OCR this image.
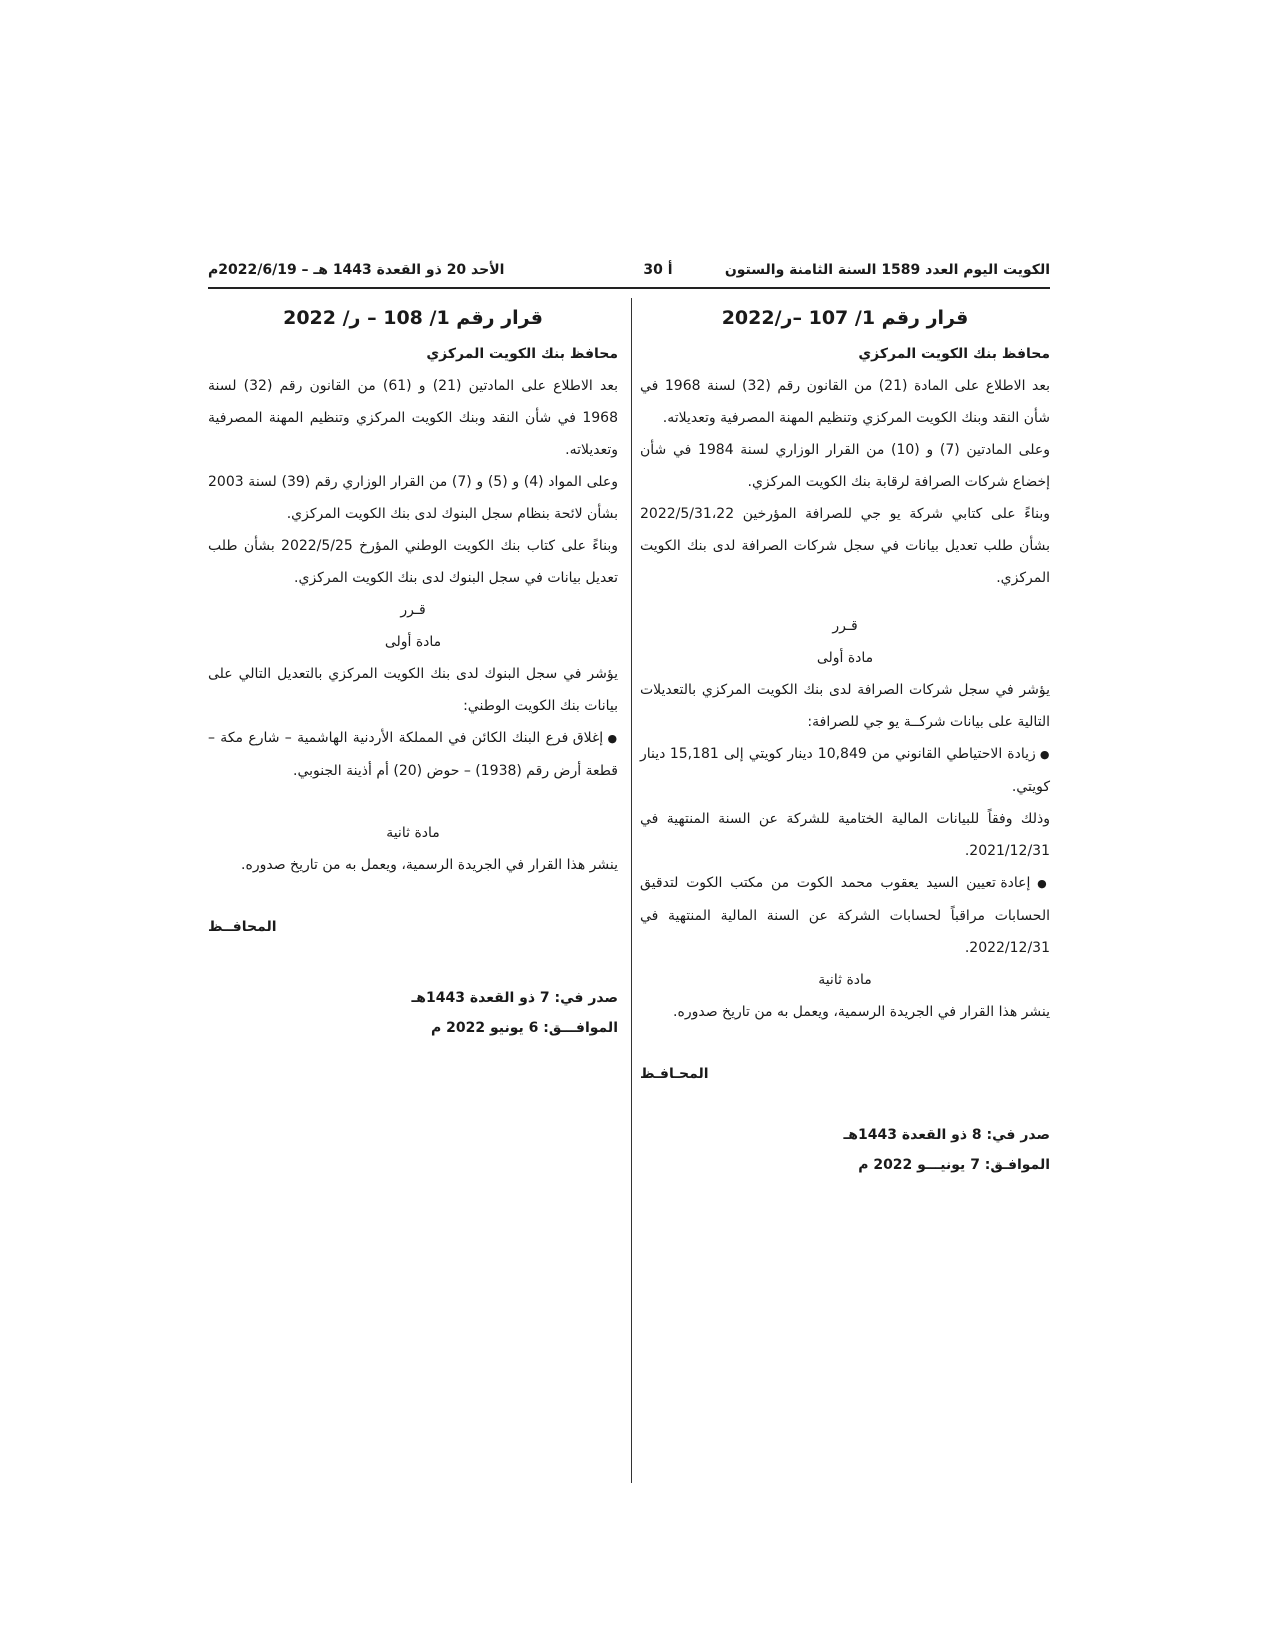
الكويت اليوم العدد 1589 السنة الثامنة والستون
أ 30
الأحد 20 ذو القعدة 1443 هـ – 2022/6/19م
قرار رقم 1/ 107 –ر/2022

محافظ بنك الكويت المركزي

بعد الاطلاع على المادة (21) من القانون رقم (32) لسنة 1968 في شأن النقد وبنك الكويت المركزي وتنظيم المهنة المصرفية وتعديلاته.

وعلى المادتين (7) و (10) من القرار الوزاري لسنة 1984 في شأن إخضاع شركات الصرافة لرقابة بنك الكويت المركزي.

وبناءً على كتابي شركة يو جي للصرافة المؤرخين 2022/5/31،22 بشأن طلب تعديل بيانات في سجل شركات الصرافة لدى بنك الكويت المركزي.

قـرر

مادة أولى

يؤشر في سجل شركات الصرافة لدى بنك الكويت المركزي بالتعديلات التالية على بيانات شركــة يو جي للصرافة:

● زيادة الاحتياطي القانوني من 10,849 دينار كويتي إلى 15,181 دينار كويتي.

وذلك وفقاً للبيانات المالية الختامية للشركة عن السنة المنتهية في 2021/12/31.

● إعادة تعيين السيد يعقوب محمد الكوت من مكتب الكوت لتدقيق الحسابات مراقباً لحسابات الشركة عن السنة المالية المنتهية في 2022/12/31.

مادة ثانية

ينشر هذا القرار في الجريدة الرسمية، ويعمل به من تاريخ صدوره.

المحـافـظ

صدر في: 8 ذو القعدة 1443هـ
الموافـق: 7 يونيـــو 2022 م
قرار رقم 1/ 108 – ر/ 2022

محافظ بنك الكويت المركزي

بعد الاطلاع على المادتين (21) و (61) من القانون رقم (32) لسنة 1968 في شأن النقد وبنك الكويت المركزي وتنظيم المهنة المصرفية وتعديلاته.

وعلى المواد (4) و (5) و (7) من القرار الوزاري رقم (39) لسنة 2003 بشأن لائحة بنظام سجل البنوك لدى بنك الكويت المركزي.

وبناءً على كتاب بنك الكويت الوطني المؤرخ 2022/5/25 بشأن طلب تعديل بيانات في سجل البنوك لدى بنك الكويت المركزي.

قـرر

مادة أولى

يؤشر في سجل البنوك لدى بنك الكويت المركزي بالتعديل التالي على بيانات بنك الكويت الوطني:

● إغلاق فرع البنك الكائن في المملكة الأردنية الهاشمية – شارع مكة – قطعة أرض رقم (1938) – حوض (20) أم أذينة الجنوبي.

مادة ثانية

ينشر هذا القرار في الجريدة الرسمية، ويعمل به من تاريخ صدوره.

المحافــظ

صدر في: 7 ذو القعدة 1443هـ
الموافـــق: 6 يونيو 2022 م
